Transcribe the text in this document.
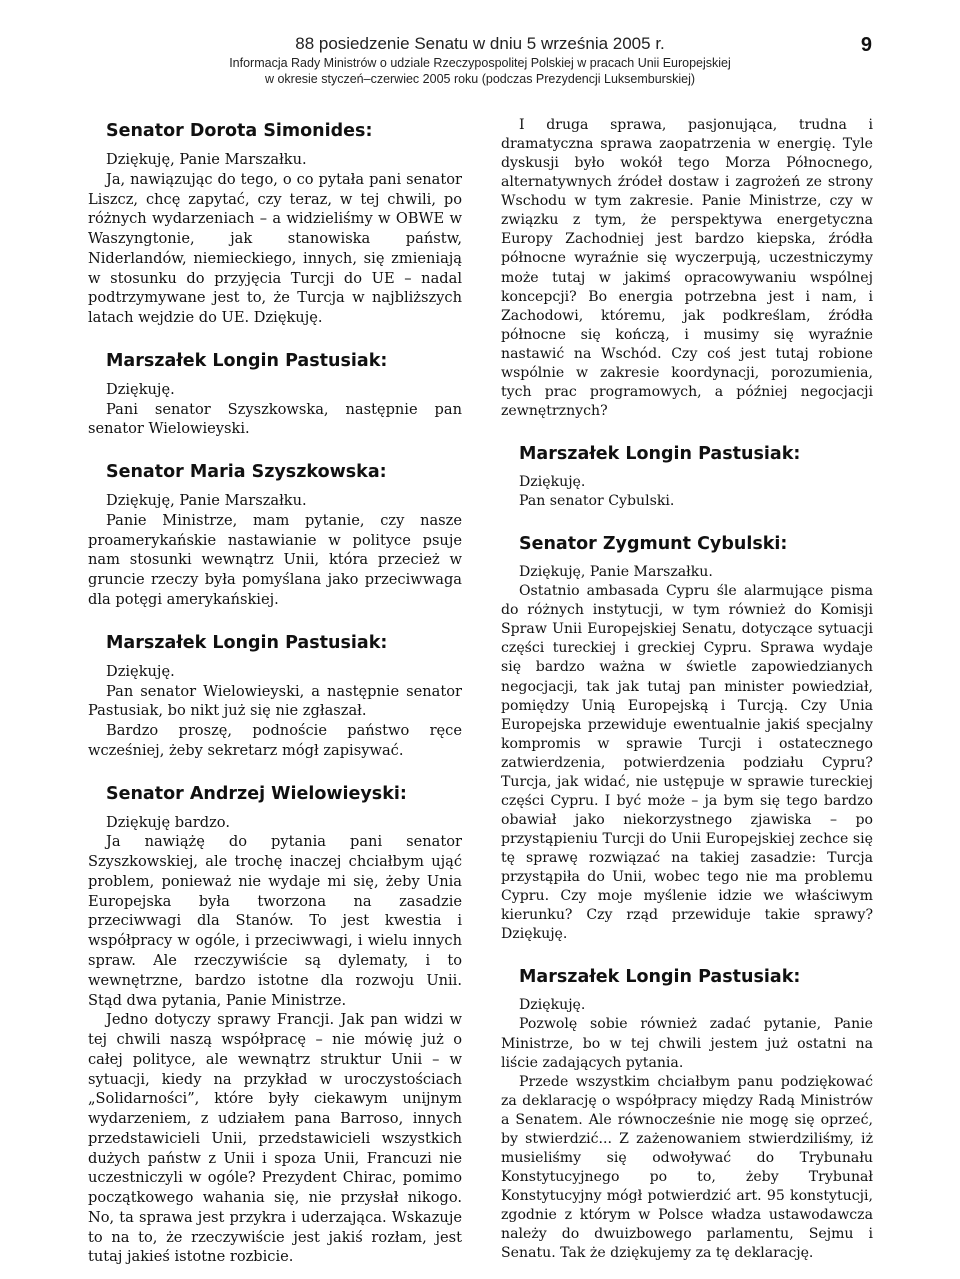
88 posiedzenie Senatu w dniu 5 września 2005 r.
Informacja Rady Ministrów o udziale Rzeczypospolitej Polskiej w pracach Unii Europejskiej
w okresie styczeń–czerwiec 2005 roku (podczas Prezydencji Luksemburskiej)
9
Senator Dorota Simonides:

Dziękuję, Panie Marszałku.

Ja, nawiązując do tego, o co pytała pani senator Liszcz, chcę zapytać, czy teraz, w tej chwili, po różnych wydarzeniach – a widzieliśmy w OBWE w Waszyngtonie, jak stanowiska państw, Niderlandów, niemieckiego, innych, się zmieniają w stosunku do przyjęcia Turcji do UE – nadal podtrzymywane jest to, że Turcja w najbliższych latach wejdzie do UE. Dziękuję.

Marszałek Longin Pastusiak:

Dziękuję.

Pani senator Szyszkowska, następnie pan senator Wielowieyski.

Senator Maria Szyszkowska:

Dziękuję, Panie Marszałku.

Panie Ministrze, mam pytanie, czy nasze proamerykańskie nastawianie w polityce psuje nam stosunki wewnątrz Unii, która przecież w gruncie rzeczy była pomyślana jako przeciwwaga dla potęgi amerykańskiej.

Marszałek Longin Pastusiak:

Dziękuję.

Pan senator Wielowieyski, a następnie senator Pastusiak, bo nikt już się nie zgłaszał.

Bardzo proszę, podnoście państwo ręce wcześniej, żeby sekretarz mógł zapisywać.

Senator Andrzej Wielowieyski:

Dziękuję bardzo.

Ja nawiążę do pytania pani senator Szyszkowskiej, ale trochę inaczej chciałbym ująć problem, ponieważ nie wydaje mi się, żeby Unia Europejska była tworzona na zasadzie przeciwwagi dla Stanów. To jest kwestia i współpracy w ogóle, i przeciwwagi, i wielu innych spraw. Ale rzeczywiście są dylematy, i to wewnętrzne, bardzo istotne dla rozwoju Unii. Stąd dwa pytania, Panie Ministrze.

Jedno dotyczy sprawy Francji. Jak pan widzi w tej chwili naszą współpracę – nie mówię już o całej polityce, ale wewnątrz struktur Unii – w sytuacji, kiedy na przykład w uroczystościach „Solidarności”, które były ciekawym unijnym wydarzeniem, z udziałem pana Barroso, innych przedstawicieli Unii, przedstawicieli wszystkich dużych państw z Unii i spoza Unii, Francuzi nie uczestniczyli w ogóle? Prezydent Chirac, pomimo początkowego wahania się, nie przysłał nikogo. No, ta sprawa jest przykra i uderzająca. Wskazuje to na to, że rzeczywiście jest jakiś rozłam, jest tutaj jakieś istotne rozbicie.

I druga sprawa, pasjonująca, trudna i dramatyczna sprawa zaopatrzenia w energię. Tyle dyskusji było wokół tego Morza Północnego, alternatywnych źródeł dostaw i zagrożeń ze strony Wschodu w tym zakresie. Panie Ministrze, czy w związku z tym, że perspektywa energetyczna Europy Zachodniej jest bardzo kiepska, źródła północne wyraźnie się wyczerpują, uczestniczymy może tutaj w jakimś opracowywaniu wspólnej koncepcji? Bo energia potrzebna jest i nam, i Zachodowi, któremu, jak podkreślam, źródła północne się kończą, i musimy się wyraźnie nastawić na Wschód. Czy coś jest tutaj robione wspólnie w zakresie koordynacji, porozumienia, tych prac programowych, a później negocjacji zewnętrznych?

Marszałek Longin Pastusiak:

Dziękuję.

Pan senator Cybulski.

Senator Zygmunt Cybulski:

Dziękuję, Panie Marszałku.

Ostatnio ambasada Cypru śle alarmujące pisma do różnych instytucji, w tym również do Komisji Spraw Unii Europejskiej Senatu, dotyczące sytuacji części tureckiej i greckiej Cypru. Sprawa wydaje się bardzo ważna w świetle zapowiedzianych negocjacji, tak jak tutaj pan minister powiedział, pomiędzy Unią Europejską i Turcją. Czy Unia Europejska przewiduje ewentualnie jakiś specjalny kompromis w sprawie Turcji i ostatecznego zatwierdzenia, potwierdzenia podziału Cypru? Turcja, jak widać, nie ustępuje w sprawie tureckiej części Cypru. I być może – ja bym się tego bardzo obawiał jako niekorzystnego zjawiska – po przystąpieniu Turcji do Unii Europejskiej zechce się tę sprawę rozwiązać na takiej zasadzie: Turcja przystąpiła do Unii, wobec tego nie ma problemu Cypru. Czy moje myślenie idzie we właściwym kierunku? Czy rząd przewiduje takie sprawy? Dziękuję.

Marszałek Longin Pastusiak:

Dziękuję.

Pozwolę sobie również zadać pytanie, Panie Ministrze, bo w tej chwili jestem już ostatni na liście zadających pytania.

Przede wszystkim chciałbym panu podziękować za deklarację o współpracy między Radą Ministrów a Senatem. Ale równocześnie nie mogę się oprzeć, by stwierdzić... Z zażenowaniem stwierdziliśmy, iż musieliśmy się odwoływać do Trybunału Konstytucyjnego po to, żeby Trybunał Konstytucyjny mógł potwierdzić art. 95 konstytucji, zgodnie z którym w Polsce władza ustawodawcza należy do dwuizbowego parlamentu, Sejmu i Senatu. Tak że dziękujemy za tę deklarację.
